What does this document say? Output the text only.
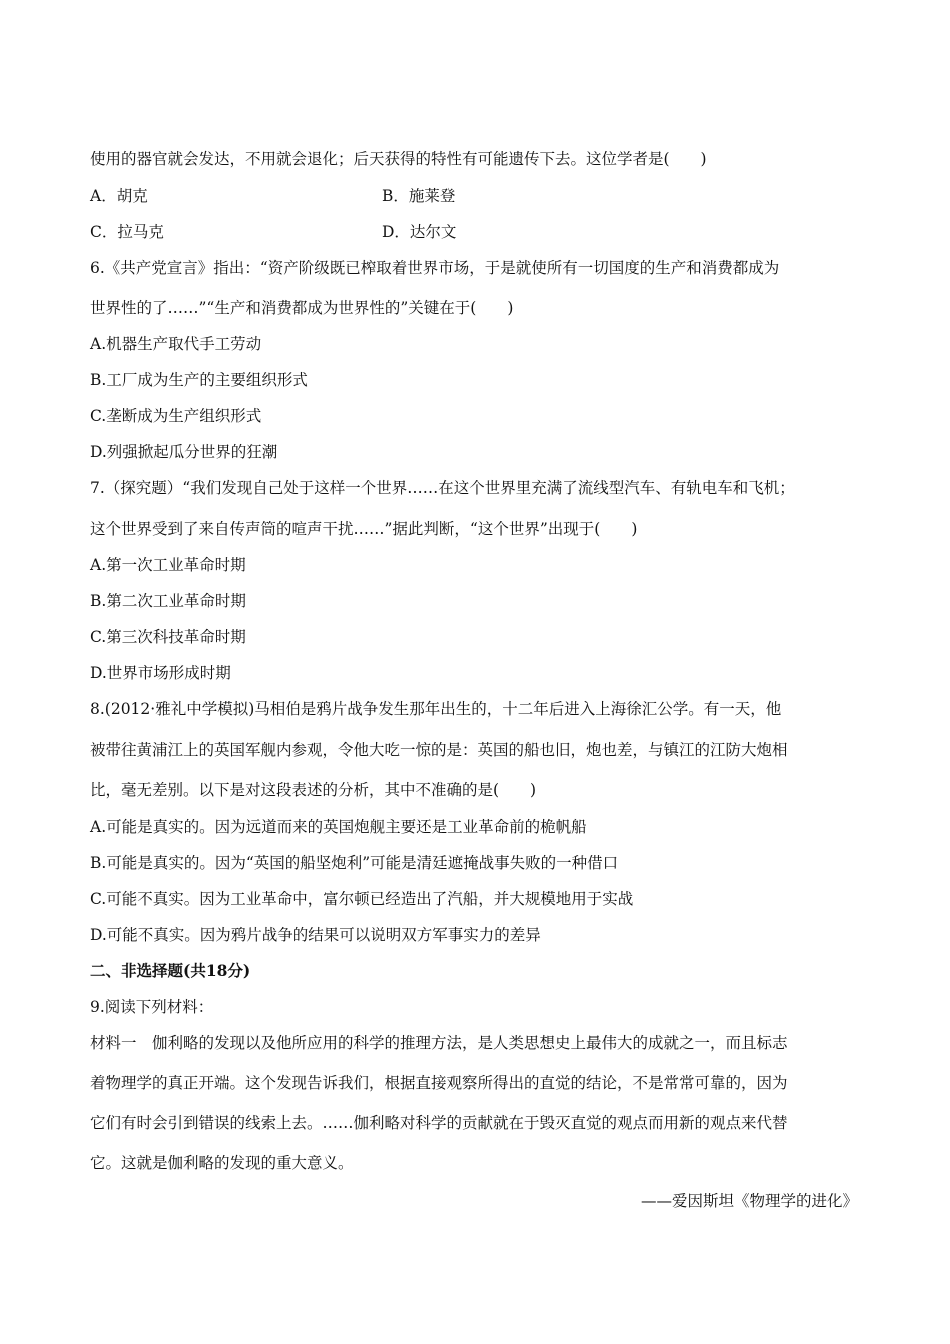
使用的器官就会发达，不用就会退化；后天获得的特性有可能遗传下去。这位学者是(　　)
A．胡克	B．施莱登
C．拉马克	D．达尔文
6.《共产党宣言》指出：“资产阶级既已榨取着世界市场，于是就使所有一切国度的生产和消费都成为
世界性的了……”“生产和消费都成为世界性的”关键在于(　　)
A.机器生产取代手工劳动
B.工厂成为生产的主要组织形式
C.垄断成为生产组织形式
D.列强掀起瓜分世界的狂潮
7.（探究题）“我们发现自己处于这样一个世界……在这个世界里充满了流线型汽车、有轨电车和飞机；
这个世界受到了来自传声筒的喧声干扰……”据此判断，“这个世界”出现于(　　)
A.第一次工业革命时期
B.第二次工业革命时期
C.第三次科技革命时期
D.世界市场形成时期
8.(2012·雅礼中学模拟)马相伯是鸦片战争发生那年出生的，十二年后进入上海徐汇公学。有一天，他
被带往黄浦江上的英国军舰内参观，令他大吃一惊的是：英国的船也旧，炮也差，与镇江的江防大炮相
比，毫无差别。以下是对这段表述的分析，其中不准确的是(　　)
A.可能是真实的。因为远道而来的英国炮舰主要还是工业革命前的桅帆船
B.可能是真实的。因为“英国的船坚炮利”可能是清廷遮掩战事失败的一种借口
C.可能不真实。因为工业革命中，富尔顿已经造出了汽船，并大规模地用于实战
D.可能不真实。因为鸦片战争的结果可以说明双方军事实力的差异
二、非选择题(共18分)
9.阅读下列材料：
材料一　伽利略的发现以及他所应用的科学的推理方法，是人类思想史上最伟大的成就之一，而且标志
着物理学的真正开端。这个发现告诉我们，根据直接观察所得出的直觉的结论，不是常常可靠的，因为
它们有时会引到错误的线索上去。……伽利略对科学的贡献就在于毁灭直觉的观点而用新的观点来代替
它。这就是伽利略的发现的重大意义。
——爱因斯坦《物理学的进化》
